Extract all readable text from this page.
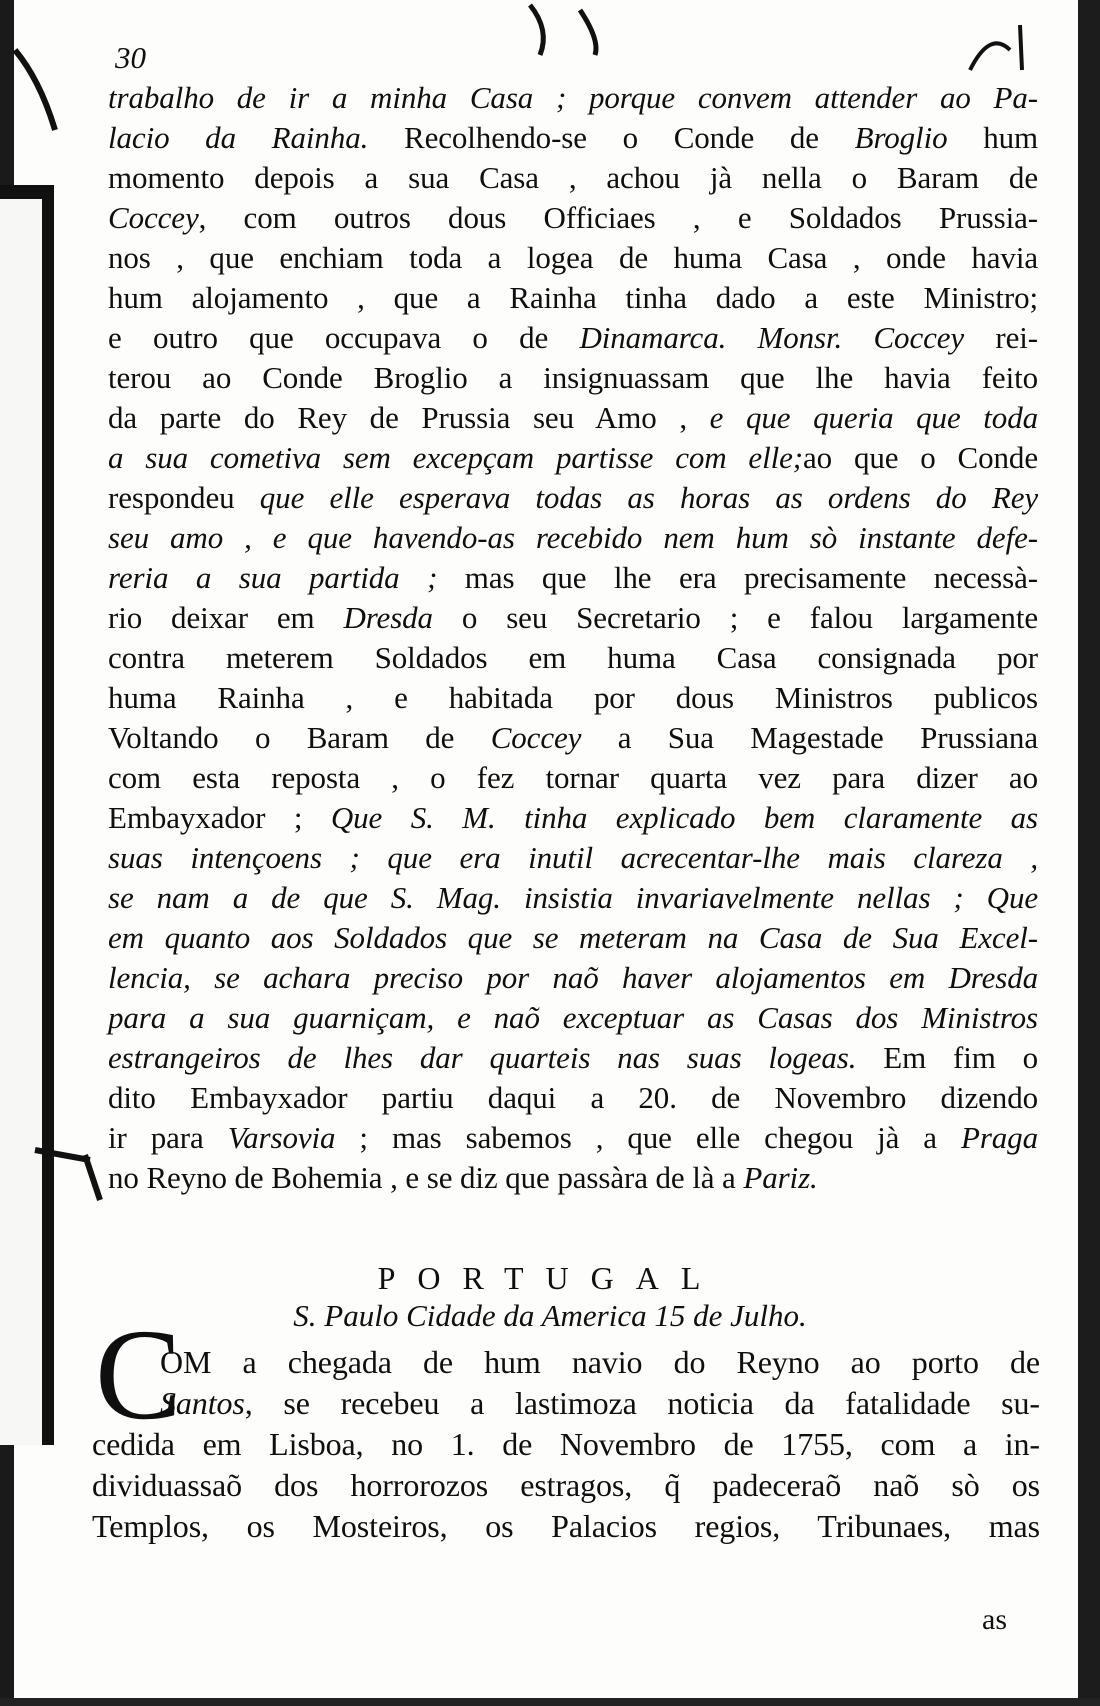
30
trabalho de ir a minha Casa ; porque convem attender ao Pa-
lacio da Rainha. Recolhendo-se o Conde de Broglio hum
momento depois a sua Casa , achou jà nella o Baram de
Coccey, com outros dous Officiaes , e Soldados Prussia-
nos , que enchiam toda a logea de huma Casa , onde havia
hum alojamento , que a Rainha tinha dado a este Ministro;
e outro que occupava o de Dinamarca. Monsr. Coccey rei-
terou ao Conde Broglio a insignuassam que lhe havia feito
da parte do Rey de Prussia seu Amo , e que queria que toda
a sua cometiva sem excepçam partisse com elle;ao que o Conde
respondeu que elle esperava todas as horas as ordens do Rey
seu amo , e que havendo-as recebido nem hum sò instante defe-
reria a sua partida ; mas que lhe era precisamente necessà-
rio deixar em Dresda o seu Secretario ; e falou largamente
contra meterem Soldados em huma Casa consignada por
huma Rainha , e habitada por dous Ministros publicos
Voltando o Baram de Coccey a Sua Magestade Prussiana
com esta reposta , o fez tornar quarta vez para dizer ao
Embayxador ; Que S. M. tinha explicado bem claramente as
suas intençoens ; que era inutil acrecentar-lhe mais clareza ,
se nam a de que S. Mag. insistia invariavelmente nellas ; Que
em quanto aos Soldados que se meteram na Casa de Sua Excel-
lencia, se achara preciso por naõ haver alojamentos em Dresda
para a sua guarniçam, e naõ exceptuar as Casas dos Ministros
estrangeiros de lhes dar quarteis nas suas logeas. Em fim o
dito Embayxador partiu daqui a 20. de Novembro dizendo
ir para Varsovia ; mas sabemos , que elle chegou jà a Praga
no Reyno de Bohemia , e se diz que passàra de là a Pariz.
PORTUGAL
S. Paulo Cidade da America 15 de Julho.
C
OM a chegada de hum navio do Reyno ao porto de
Santos, se recebeu a lastimoza noticia da fatalidade su-
cedida em Lisboa, no 1. de Novembro de 1755, com a in-
dividuassaõ dos horrorozos estragos, q̃ padeceraõ naõ sò os
Templos, os Mosteiros, os Palacios regios, Tribunaes, mas
as
